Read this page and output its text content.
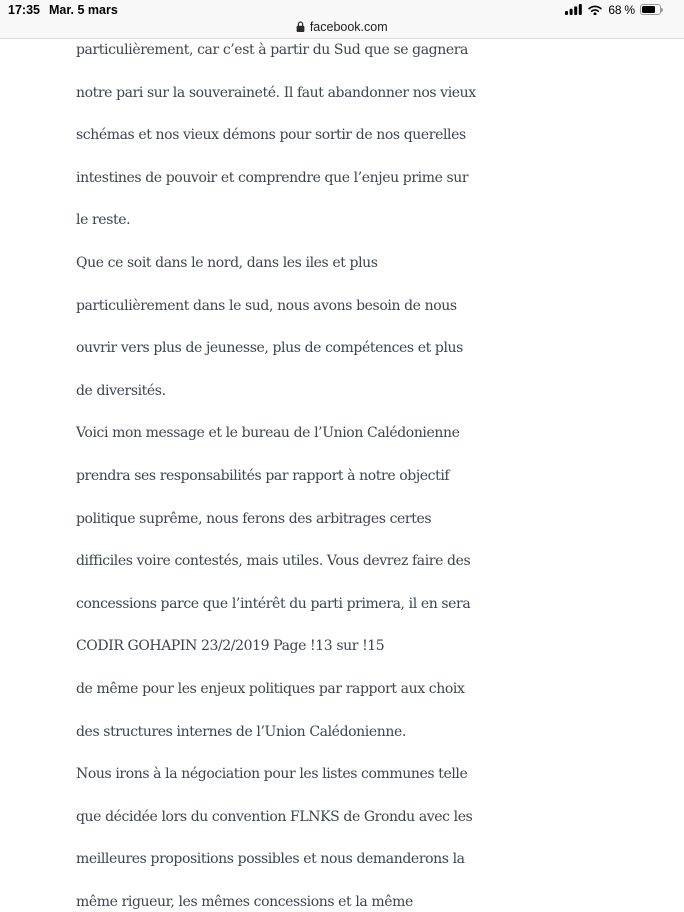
17:35 Mar. 5 mars	68 %
facebook.com
particulièrement, car c’est à partir du Sud que se gagnera
notre pari sur la souveraineté. Il faut abandonner nos vieux
schémas et nos vieux démons pour sortir de nos querelles
intestines de pouvoir et comprendre que l’enjeu prime sur
le reste.
Que ce soit dans le nord, dans les iles et plus
particulièrement dans le sud, nous avons besoin de nous
ouvrir vers plus de jeunesse, plus de compétences et plus
de diversités.
Voici mon message et le bureau de l’Union Calédonienne
prendra ses responsabilités par rapport à notre objectif
politique suprême, nous ferons des arbitrages certes
difficiles voire contestés, mais utiles. Vous devrez faire des
concessions parce que l’intérêt du parti primera, il en sera
CODIR GOHAPIN 23/2/2019 Page !13 sur !15
de même pour les enjeux politiques par rapport aux choix
des structures internes de l’Union Calédonienne.
Nous irons à la négociation pour les listes communes telle
que décidée lors du convention FLNKS de Grondu avec les
meilleures propositions possibles et nous demanderons la
même rigueur, les mêmes concessions et la même
